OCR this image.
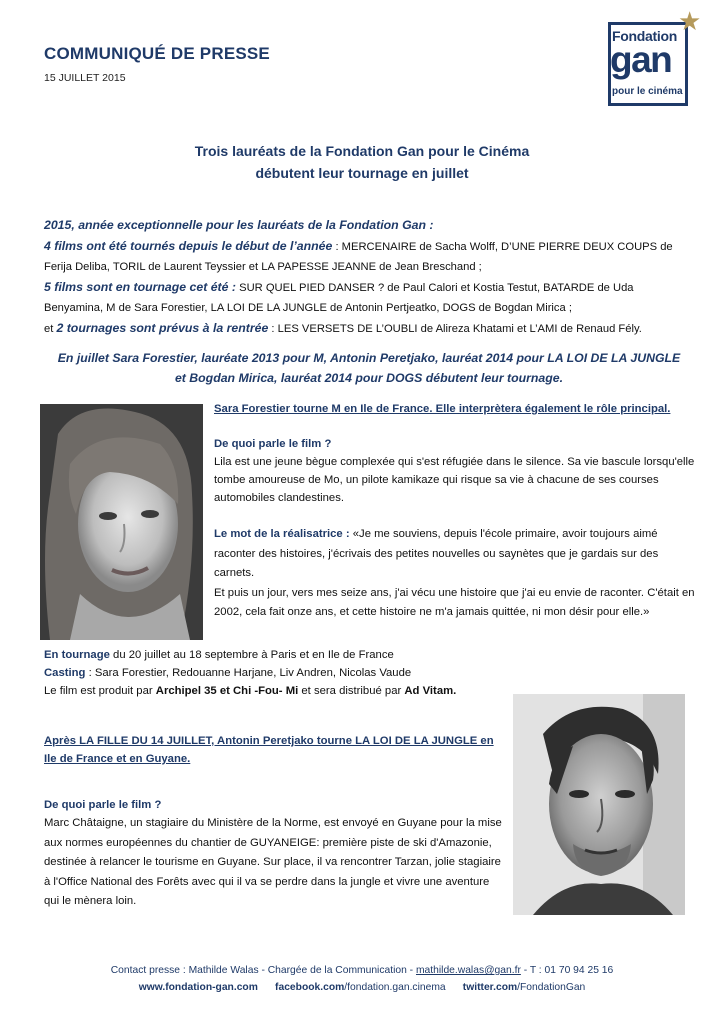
COMMUNIQUÉ DE PRESSE
15 JUILLET 2015
Fondation
gan
pour le cinéma
★
Trois lauréats de la Fondation Gan pour le Cinéma
débutent leur tournage en juillet

2015, année exceptionnelle pour les lauréats de la Fondation Gan :

4 films ont été tournés depuis le début de l’année : MERCENAIRE de Sacha Wolff, D’UNE PIERRE DEUX COUPS de Ferija Deliba, TORIL de Laurent Teyssier et LA PAPESSE JEANNE de Jean Breschand ;

5 films sont en tournage cet été : SUR QUEL PIED DANSER ? de Paul Calori et Kostia Testut, BATARDE de Uda Benyamina, M de Sara Forestier, LA LOI DE LA JUNGLE de Antonin Pertjeatko, DOGS de Bogdan Mirica ;

et 2 tournages sont prévus à la rentrée : LES VERSETS DE L’OUBLI de Alireza Khatami et L’AMI de Renaud Fély.

En juillet Sara Forestier, lauréate 2013 pour M, Antonin Peretjako, lauréat 2014 pour LA LOI DE LA JUNGLE
et Bogdan Mirica, lauréat 2014 pour DOGS débutent leur tournage.

Sara Forestier tourne M en Ile de France. Elle interprètera également le rôle principal.

De quoi parle le film ?

Lila est une jeune bègue complexée qui s'est réfugiée dans le silence. Sa vie bascule lorsqu'elle tombe amoureuse de Mo, un pilote kamikaze qui risque sa vie à chacune de ses courses automobiles clandestines.

Le mot de la réalisatrice : «Je me souviens, depuis l'école primaire, avoir toujours aimé raconter des histoires, j'écrivais des petites nouvelles ou saynètes que je gardais sur des carnets.

Et puis un jour, vers mes seize ans, j'ai vécu une histoire que j'ai eu envie de raconter. C'était en 2002, cela fait onze ans, et cette histoire ne m'a jamais quittée, ni mon désir pour elle.»

En tournage du 20 juillet au 18 septembre à Paris et en Ile de France

Casting : Sara Forestier, Redouanne Harjane, Liv Andren, Nicolas Vaude

Le film est produit par Archipel 35 et Chi -Fou- Mi et sera distribué par Ad Vitam.

Après LA FILLE DU 14 JUILLET, Antonin Peretjako tourne LA LOI DE LA JUNGLE en Ile de France et en Guyane.

De quoi parle le film ?

Marc Châtaigne, un stagiaire du Ministère de la Norme, est envoyé en Guyane pour la mise aux normes européennes du chantier de GUYANEIGE: première piste de ski d'Amazonie, destinée à relancer le tourisme en Guyane. Sur place, il va rencontrer Tarzan, jolie stagiaire à l'Office National des Forêts avec qui il va se perdre dans la jungle et vivre une aventure qui le mènera loin.

Contact presse : Mathilde Walas - Chargée de la Communication - mathilde.walas@gan.fr - T : 01 70 94 25 16
www.fondation-gan.com facebook.com/fondation.gan.cinema twitter.com/FondationGan
